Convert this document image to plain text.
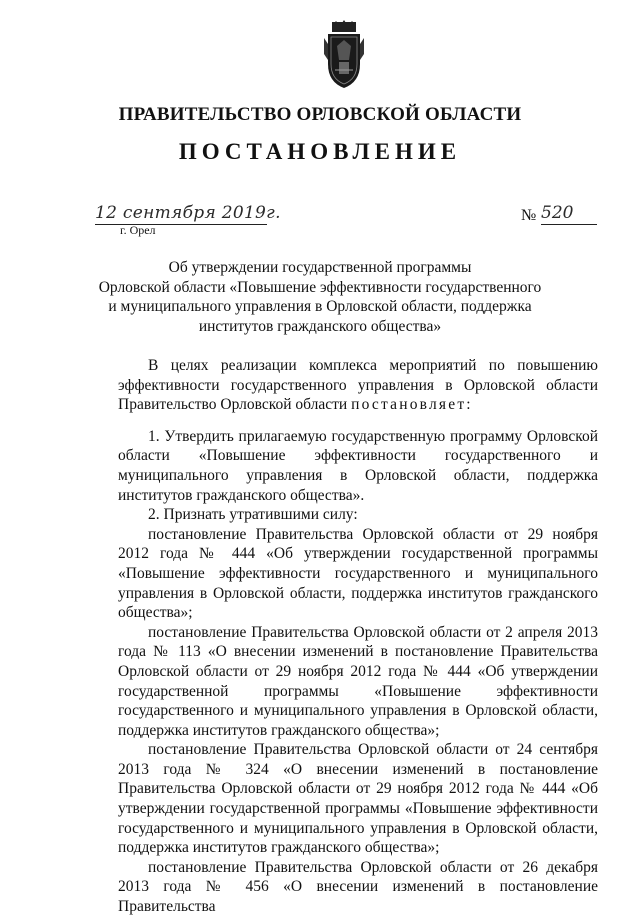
ПРАВИТЕЛЬСТВО ОРЛОВСКОЙ ОБЛАСТИ
ПОСТАНОВЛЕНИЕ
12 сентября 2019г.
г. Орел
№ 520
Об утверждении государственной программы
Орловской области «Повышение эффективности государственного
и муниципального управления в Орловской области, поддержка
институтов гражданского общества»

В целях реализации комплекса мероприятий по повышению эффективности государственного управления в Орловской области Правительство Орловской области постановляет:

1. Утвердить прилагаемую государственную программу Орловской области «Повышение эффективности государственного и муниципального управления в Орловской области, поддержка институтов гражданского общества».

2. Признать утратившими силу:

постановление Правительства Орловской области от 29 ноября 2012 года № 444 «Об утверждении государственной программы «Повышение эффективности государственного и муниципального управления в Орловской области, поддержка институтов гражданского общества»;

постановление Правительства Орловской области от 2 апреля 2013 года № 113 «О внесении изменений в постановление Правительства Орловской области от 29 ноября 2012 года № 444 «Об утверждении государственной программы «Повышение эффективности государственного и муниципального управления в Орловской области, поддержка институтов гражданского общества»;

постановление Правительства Орловской области от 24 сентября 2013 года № 324 «О внесении изменений в постановление Правительства Орловской области от 29 ноября 2012 года № 444 «Об утверждении государственной программы «Повышение эффективности государственного и муниципального управления в Орловской области, поддержка институтов гражданского общества»;

постановление Правительства Орловской области от 26 декабря 2013 года № 456 «О внесении изменений в постановление Правительства
